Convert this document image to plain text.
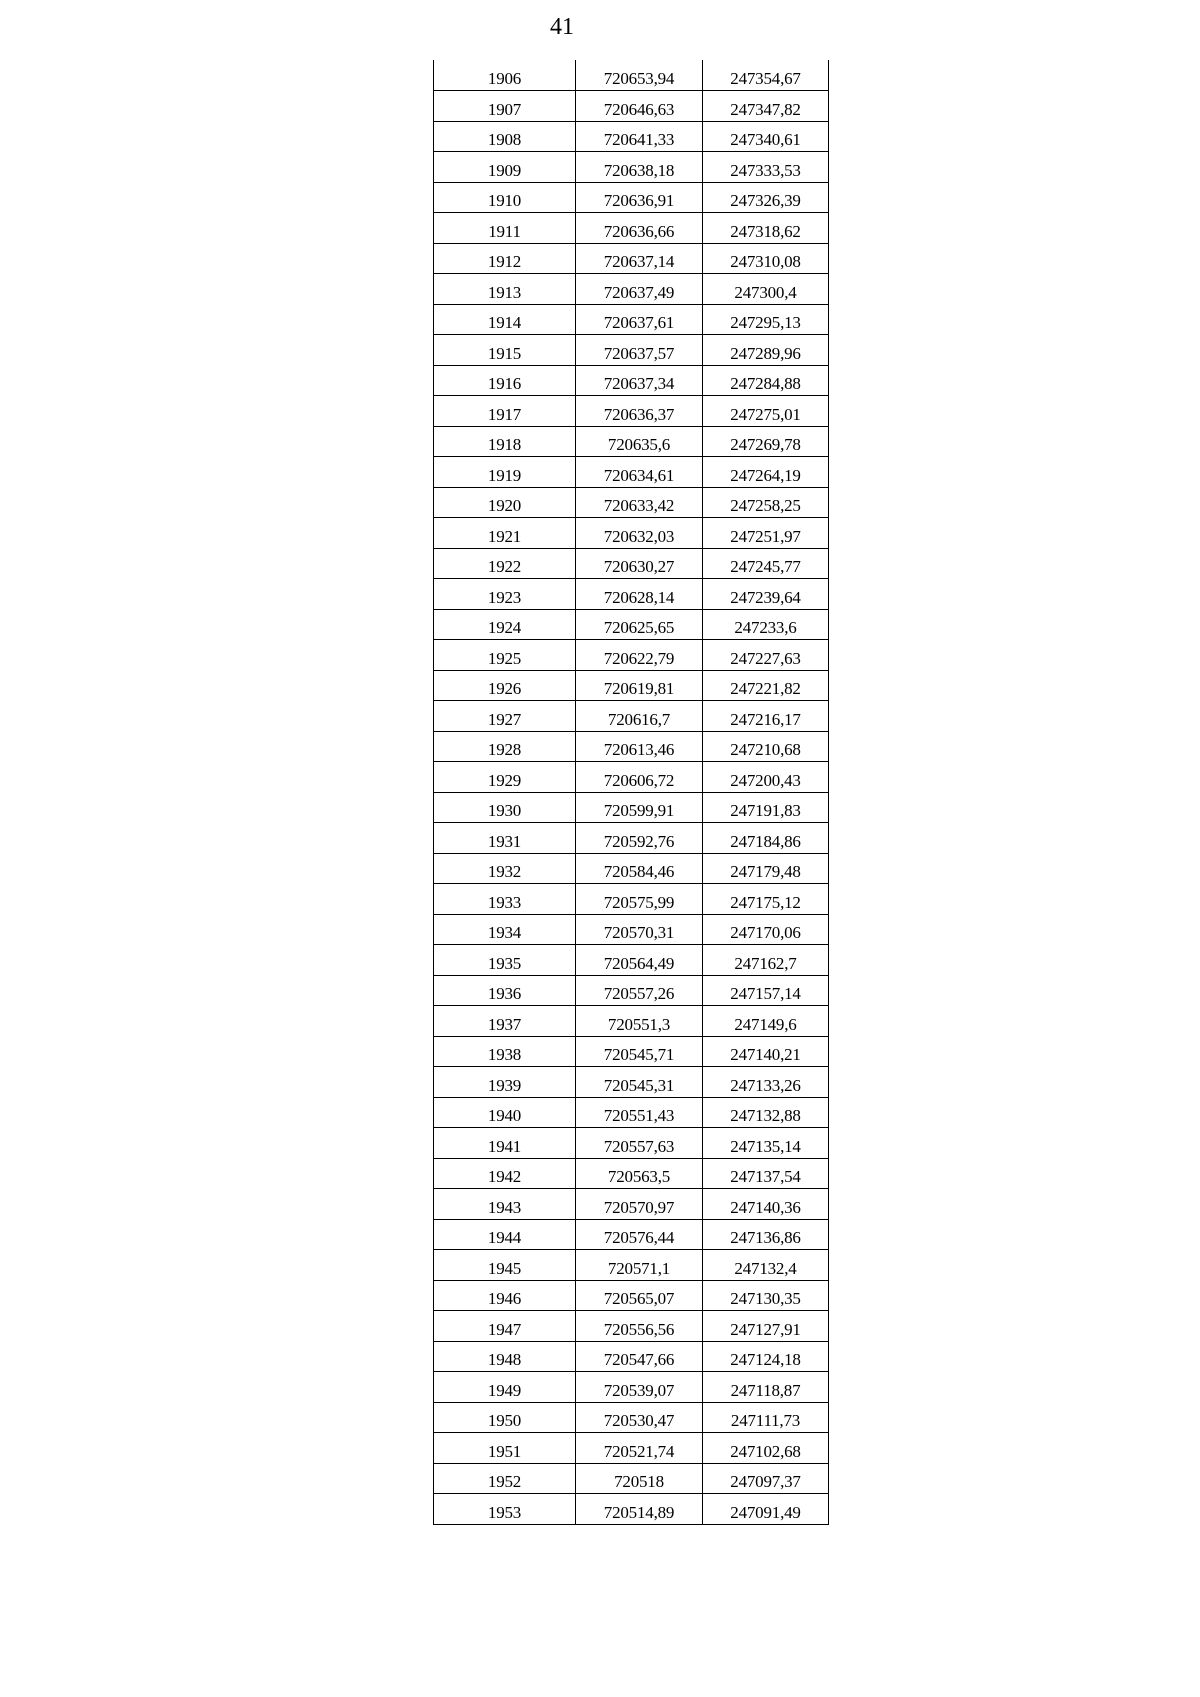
41
1906	720653,94	247354,67
1907	720646,63	247347,82
1908	720641,33	247340,61
1909	720638,18	247333,53
1910	720636,91	247326,39
1911	720636,66	247318,62
1912	720637,14	247310,08
1913	720637,49	247300,4
1914	720637,61	247295,13
1915	720637,57	247289,96
1916	720637,34	247284,88
1917	720636,37	247275,01
1918	720635,6	247269,78
1919	720634,61	247264,19
1920	720633,42	247258,25
1921	720632,03	247251,97
1922	720630,27	247245,77
1923	720628,14	247239,64
1924	720625,65	247233,6
1925	720622,79	247227,63
1926	720619,81	247221,82
1927	720616,7	247216,17
1928	720613,46	247210,68
1929	720606,72	247200,43
1930	720599,91	247191,83
1931	720592,76	247184,86
1932	720584,46	247179,48
1933	720575,99	247175,12
1934	720570,31	247170,06
1935	720564,49	247162,7
1936	720557,26	247157,14
1937	720551,3	247149,6
1938	720545,71	247140,21
1939	720545,31	247133,26
1940	720551,43	247132,88
1941	720557,63	247135,14
1942	720563,5	247137,54
1943	720570,97	247140,36
1944	720576,44	247136,86
1945	720571,1	247132,4
1946	720565,07	247130,35
1947	720556,56	247127,91
1948	720547,66	247124,18
1949	720539,07	247118,87
1950	720530,47	247111,73
1951	720521,74	247102,68
1952	720518	247097,37
1953	720514,89	247091,49
